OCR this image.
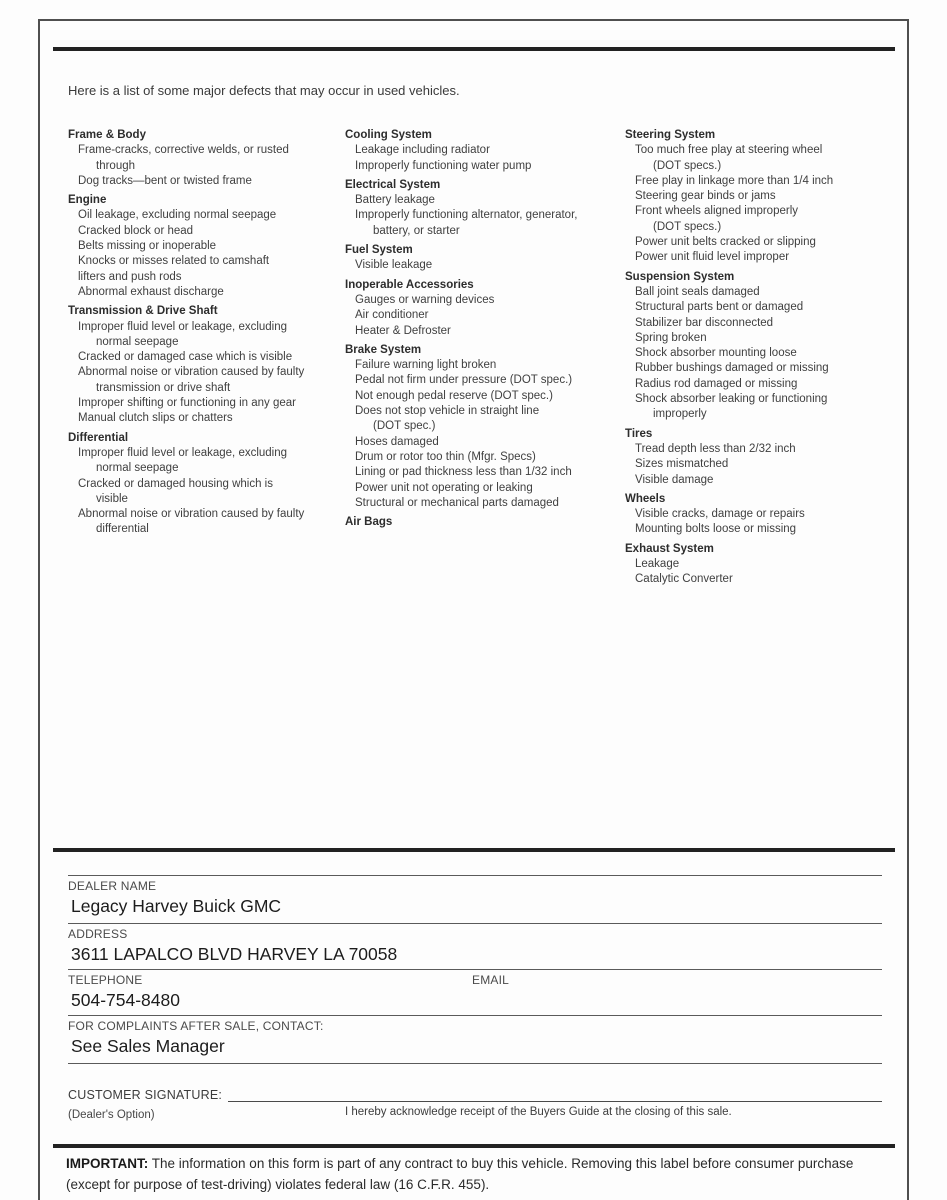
Here is a list of some major defects that may occur in used vehicles.
Frame & Body
Frame-cracks, corrective welds, or rusted
through
Dog tracks—bent or twisted frame
Engine
Oil leakage, excluding normal seepage
Cracked block or head
Belts missing or inoperable
Knocks or misses related to camshaft
lifters and push rods
Abnormal exhaust discharge
Transmission & Drive Shaft
Improper fluid level or leakage, excluding
normal seepage
Cracked or damaged case which is visible
Abnormal noise or vibration caused by faulty
transmission or drive shaft
Improper shifting or functioning in any gear
Manual clutch slips or chatters
Differential
Improper fluid level or leakage, excluding
normal seepage
Cracked or damaged housing which is
visible
Abnormal noise or vibration caused by faulty
differential
Cooling System
Leakage including radiator
Improperly functioning water pump
Electrical System
Battery leakage
Improperly functioning alternator, generator,
battery, or starter
Fuel System
Visible leakage
Inoperable Accessories
Gauges or warning devices
Air conditioner
Heater & Defroster
Brake System
Failure warning light broken
Pedal not firm under pressure (DOT spec.)
Not enough pedal reserve (DOT spec.)
Does not stop vehicle in straight line
(DOT spec.)
Hoses damaged
Drum or rotor too thin (Mfgr. Specs)
Lining or pad thickness less than 1/32 inch
Power unit not operating or leaking
Structural or mechanical parts damaged
Air Bags
Steering System
Too much free play at steering wheel
(DOT specs.)
Free play in linkage more than 1/4 inch
Steering gear binds or jams
Front wheels aligned improperly
(DOT specs.)
Power unit belts cracked or slipping
Power unit fluid level improper
Suspension System
Ball joint seals damaged
Structural parts bent or damaged
Stabilizer bar disconnected
Spring broken
Shock absorber mounting loose
Rubber bushings damaged or missing
Radius rod damaged or missing
Shock absorber leaking or functioning
improperly
Tires
Tread depth less than 2/32 inch
Sizes mismatched
Visible damage
Wheels
Visible cracks, damage or repairs
Mounting bolts loose or missing
Exhaust System
Leakage
Catalytic Converter
DEALER NAME
Legacy Harvey Buick GMC
ADDRESS
3611 LAPALCO BLVD HARVEY LA 70058
TELEPHONE
504-754-8480
EMAIL
FOR COMPLAINTS AFTER SALE, CONTACT:
See Sales Manager
CUSTOMER SIGNATURE:
(Dealer's Option)	I hereby acknowledge receipt of the Buyers Guide at the closing of this sale.
IMPORTANT: The information on this form is part of any contract to buy this vehicle. Removing this label before consumer purchase (except for purpose of test-driving) violates federal law (16 C.F.R. 455).
